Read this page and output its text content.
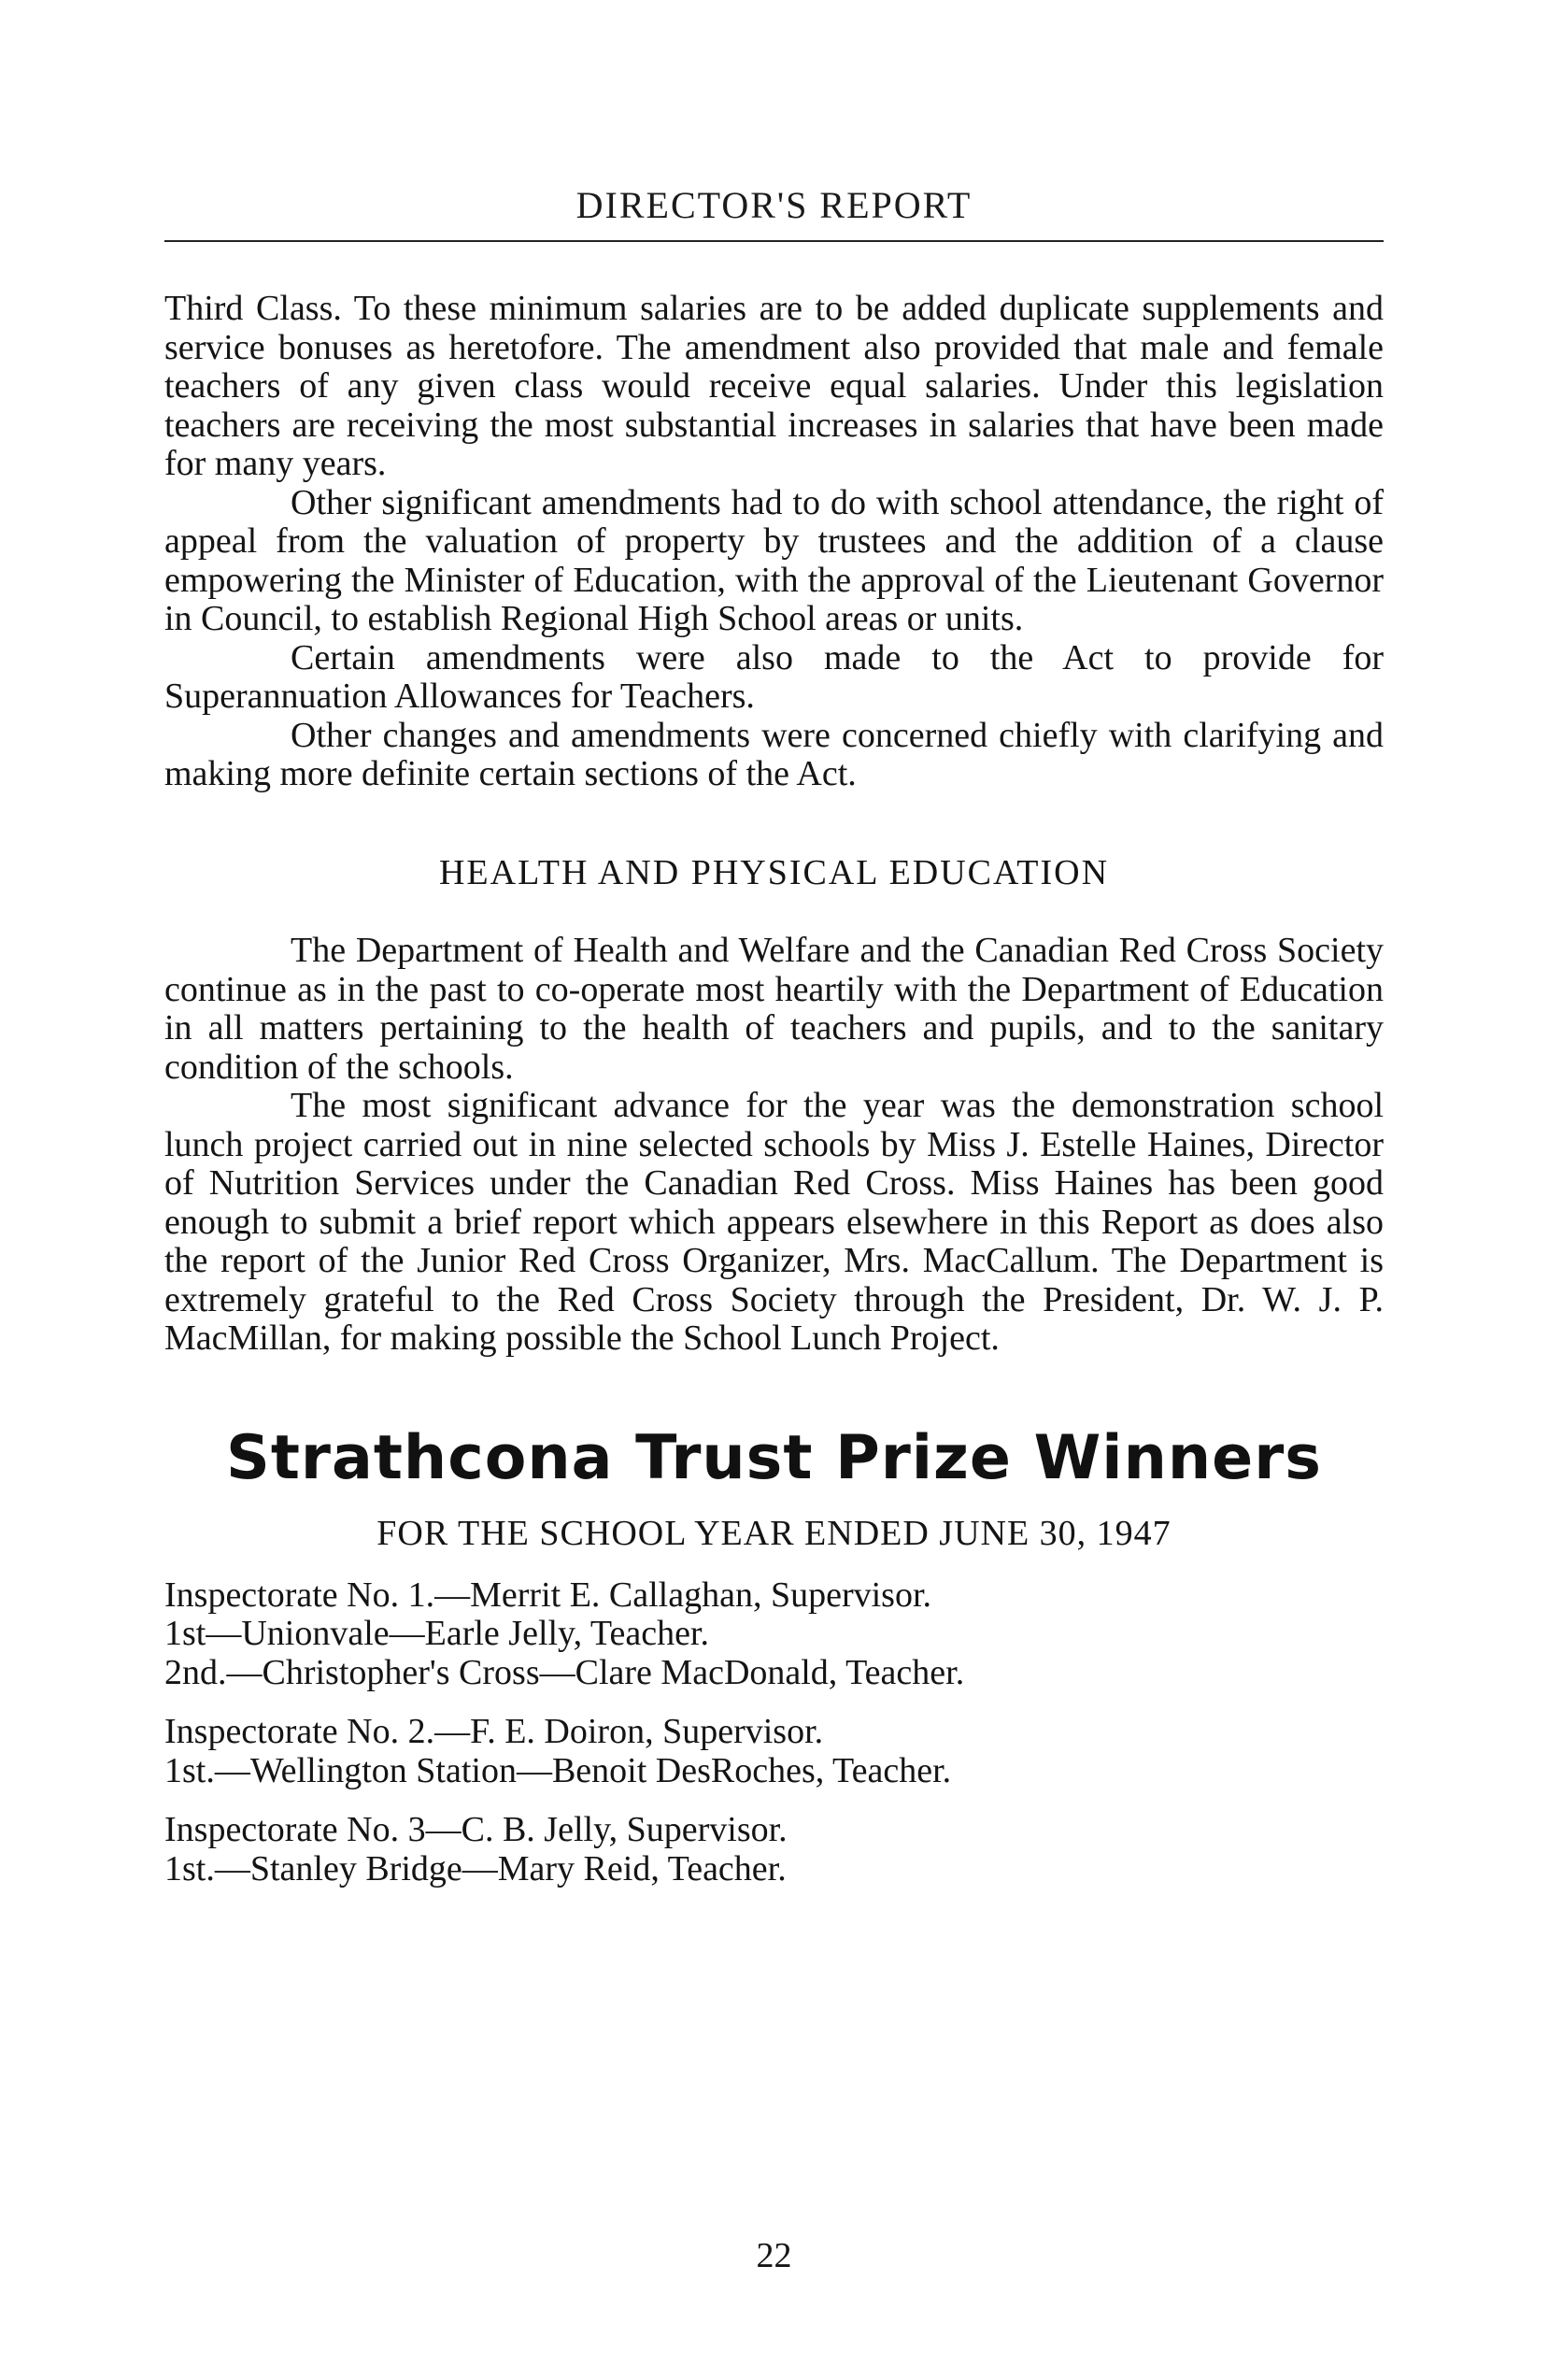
DIRECTOR'S REPORT

Third Class. To these minimum salaries are to be added duplicate supplements and service bonuses as heretofore. The amendment also provided that male and female teachers of any given class would receive equal salaries. Under this legislation teachers are receiving the most substantial increases in salaries that have been made for many years.

Other significant amendments had to do with school attendance, the right of appeal from the valuation of property by trustees and the addition of a clause empowering the Minister of Education, with the approval of the Lieutenant Governor in Council, to establish Regional High School areas or units.

Certain amendments were also made to the Act to provide for Superannuation Allowances for Teachers.

Other changes and amendments were concerned chiefly with clarifying and making more definite certain sections of the Act.

HEALTH AND PHYSICAL EDUCATION

The Department of Health and Welfare and the Canadian Red Cross Society continue as in the past to co-operate most heartily with the Department of Education in all matters pertaining to the health of teachers and pupils, and to the sanitary condition of the schools.

The most significant advance for the year was the demonstration school lunch project carried out in nine selected schools by Miss J. Estelle Haines, Director of Nutrition Services under the Canadian Red Cross. Miss Haines has been good enough to submit a brief report which appears elsewhere in this Report as does also the report of the Junior Red Cross Organizer, Mrs. MacCallum. The Department is extremely grateful to the Red Cross Society through the President, Dr. W. J. P. MacMillan, for making possible the School Lunch Project.

Strathcona Trust Prize Winners
FOR THE SCHOOL YEAR ENDED JUNE 30, 1947

Inspectorate No. 1.—Merrit E. Callaghan, Supervisor.

1st—Unionvale—Earle Jelly, Teacher.

2nd.—Christopher's Cross—Clare MacDonald, Teacher.

Inspectorate No. 2.—F. E. Doiron, Supervisor.

1st.—Wellington Station—Benoit DesRoches, Teacher.

Inspectorate No. 3—C. B. Jelly, Supervisor.

1st.—Stanley Bridge—Mary Reid, Teacher.

22
